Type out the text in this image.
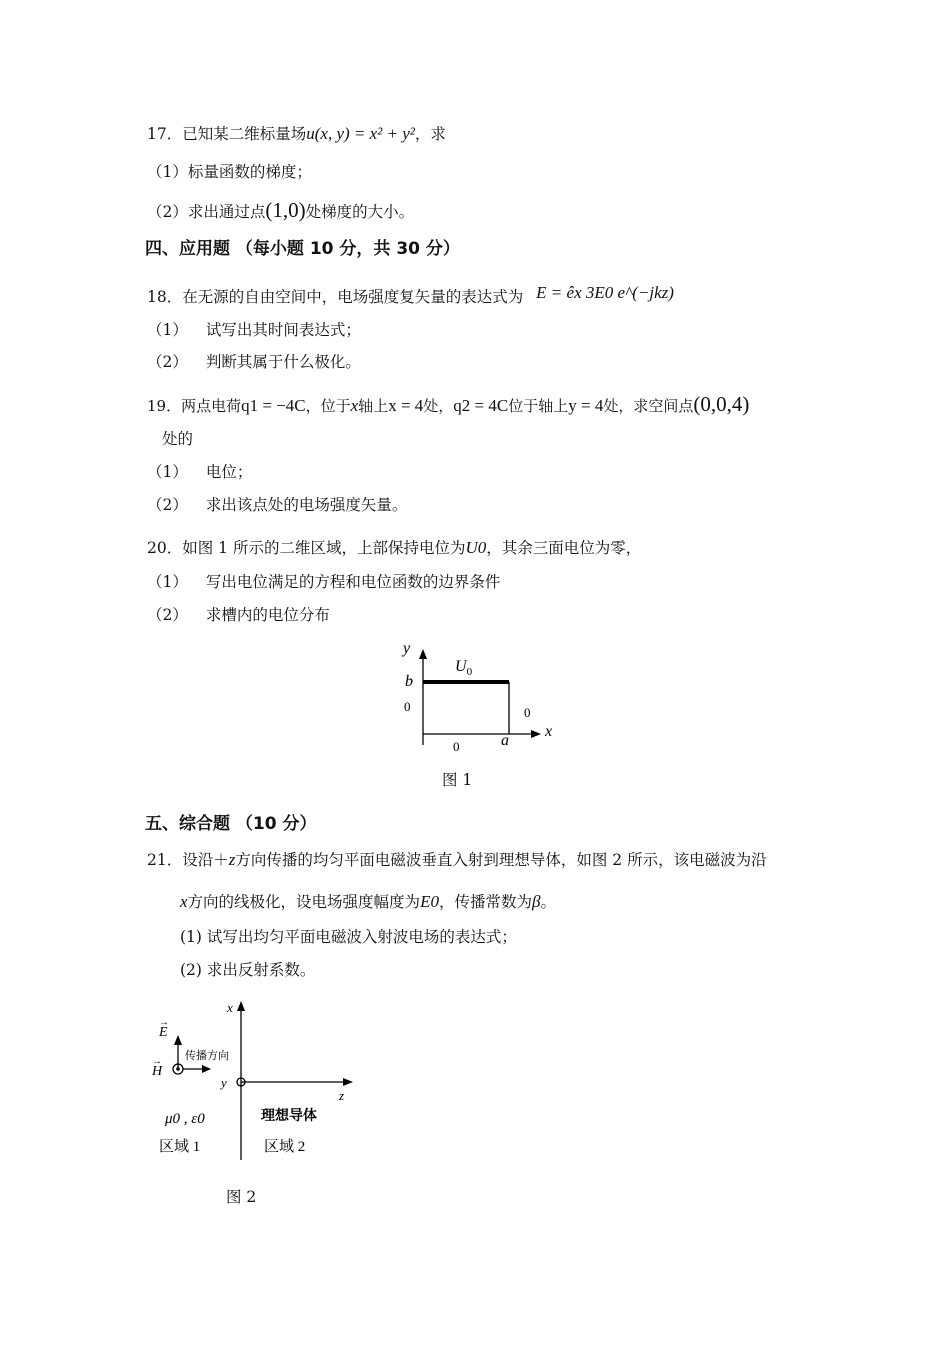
17．已知某二维标量场u(x, y) = x² + y²，求
（1）标量函数的梯度；
（2）求出通过点(1,0)处梯度的大小。
四、应用题 （每小题 10 分，共 30 分）
18．在无源的自由空间中，电场强度复矢量的表达式为 E = êx 3E0 e^(−jkz)
（1） 试写出其时间表达式；
（2） 判断其属于什么极化。
19．两点电荷q1 = −4C，位于x轴上x = 4处，q2 = 4C位于轴上y = 4处，求空间点(0,0,4)
处的
（1） 电位；
（2） 求出该点处的电场强度矢量。
20．如图 1 所示的二维区域，上部保持电位为U0，其余三面电位为零，
（1） 写出电位满足的方程和电位函数的边界条件
（2） 求槽内的电位分布
y
b
$U_0$
0	0
0	a
x
图 1
五、综合题 （10 分）
21．设沿＋z方向传播的均匀平面电磁波垂直入射到理想导体，如图 2 所示，该电磁波为沿
x方向的线极化，设电场强度幅度为E0，传播常数为β。
(1) 试写出均匀平面电磁波入射波电场的表达式；
(2) 求出反射系数。
x
y
z
E
→
H
→ 传播方向
μ0 , ε0	理想导体
区域 1	区域 2
图 2
